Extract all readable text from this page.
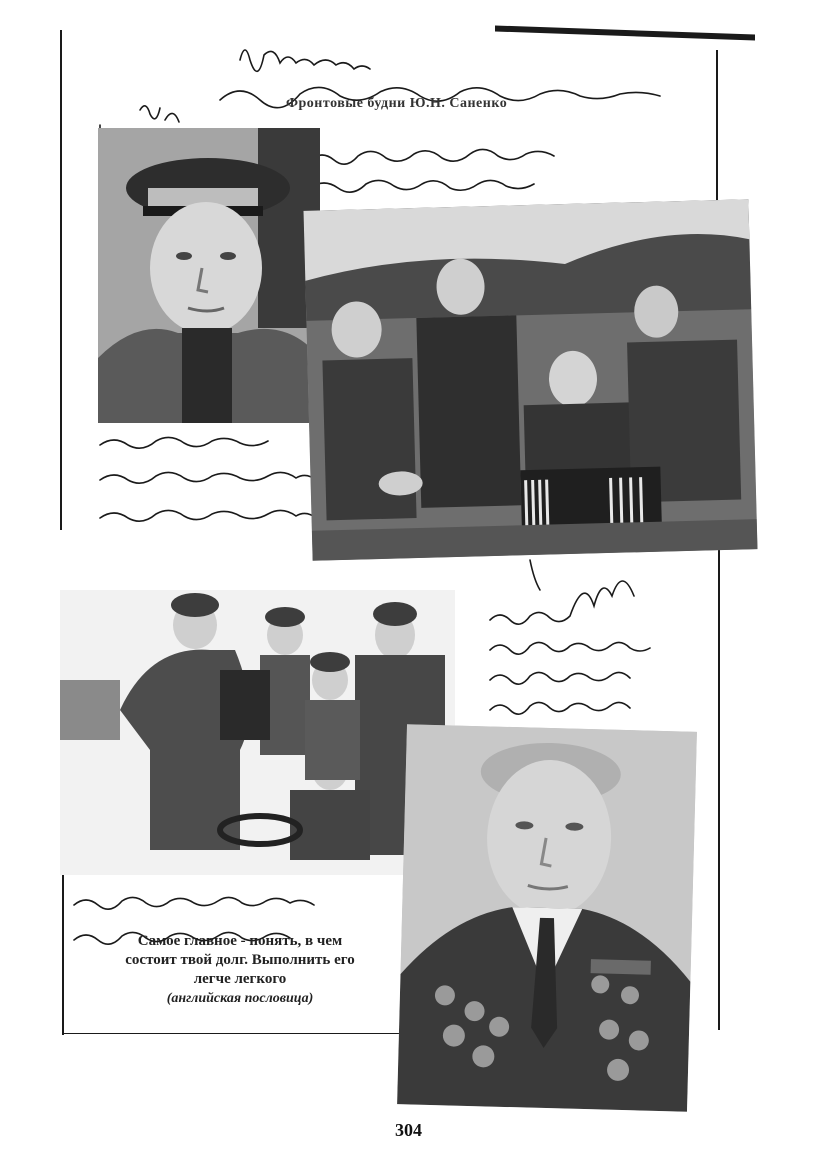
Фронтовые будни Ю.Н. Саненко
Самое главное - понять, в чем
состоит твой долг. Выполнить его
легче легкого
(английская пословица)
304
